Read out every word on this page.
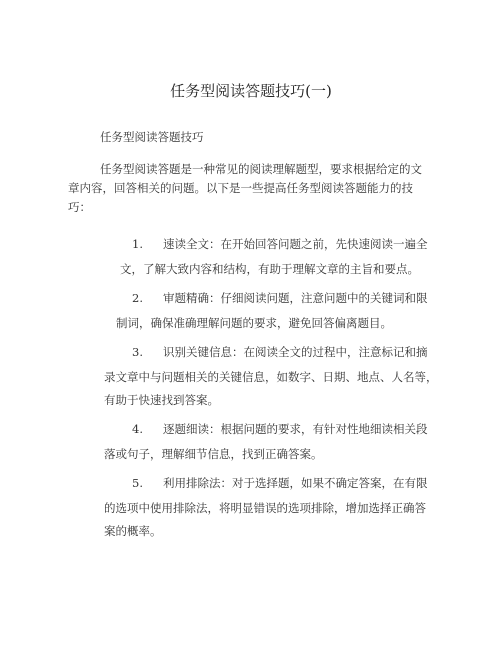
任务型阅读答题技巧(一)
任务型阅读答题技巧
任务型阅读答题是一种常见的阅读理解题型，要求根据给定的文
章内容，回答相关的问题。以下是一些提高任务型阅读答题能力的技
巧：
1. 速读全文：在开始回答问题之前，先快速阅读一遍全
文，了解大致内容和结构，有助于理解文章的主旨和要点。
2. 审题精确：仔细阅读问题，注意问题中的关键词和限
制词，确保准确理解问题的要求，避免回答偏离题目。
3. 识别关键信息：在阅读全文的过程中，注意标记和摘
录文章中与问题相关的关键信息，如数字、日期、地点、人名等，
有助于快速找到答案。
4. 逐题细读：根据问题的要求，有针对性地细读相关段
落或句子，理解细节信息，找到正确答案。
5. 利用排除法：对于选择题，如果不确定答案，在有限
的选项中使用排除法，将明显错误的选项排除，增加选择正确答
案的概率。
